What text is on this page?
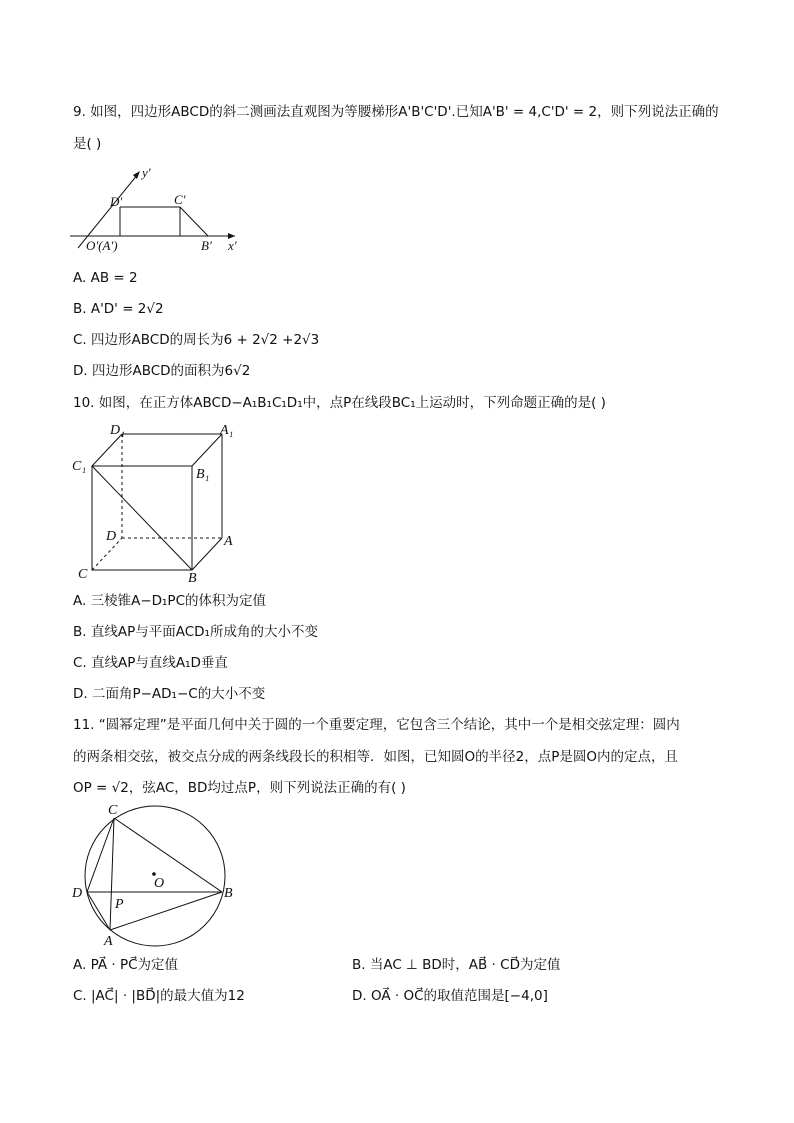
9. 如图，四边形ABCD的斜二测画法直观图为等腰梯形A'B'C'D'.已知A'B' = 4,C'D' = 2，则下列说法正确的
是( )
y'
x'
D'	C'
O'(A')	B'
A. AB = 2
B. A'D' = 2√2
C. 四边形ABCD的周长为6 + 2√2 +2√3
D. 四边形ABCD的面积为6√2
10. 如图，在正方体ABCD−A₁B₁C₁D₁中，点P在线段BC₁上运动时，下列命题正确的是( )
D₁	A₁
C₁
B₁
D	A
C	B
A. 三棱锥A−D₁PC的体积为定值
B. 直线AP与平面ACD₁所成角的大小不变
C. 直线AP与直线A₁D垂直
D. 二面角P−AD₁−C的大小不变
11. “圆幂定理”是平面几何中关于圆的一个重要定理，它包含三个结论，其中一个是相交弦定理：圆内
的两条相交弦，被交点分成的两条线段长的积相等．如图，已知圆O的半径2，点P是圆O内的定点，且
OP = √2，弦AC，BD均过点P，则下列说法正确的有( )
C
O
D	B
P
A
A. PA⃗ · PC⃗为定值	B. 当AC ⊥ BD时，AB⃗ · CD⃗为定值
C. |AC⃗| · |BD⃗|的最大值为12	D. OA⃗ · OC⃗的取值范围是[−4,0]
